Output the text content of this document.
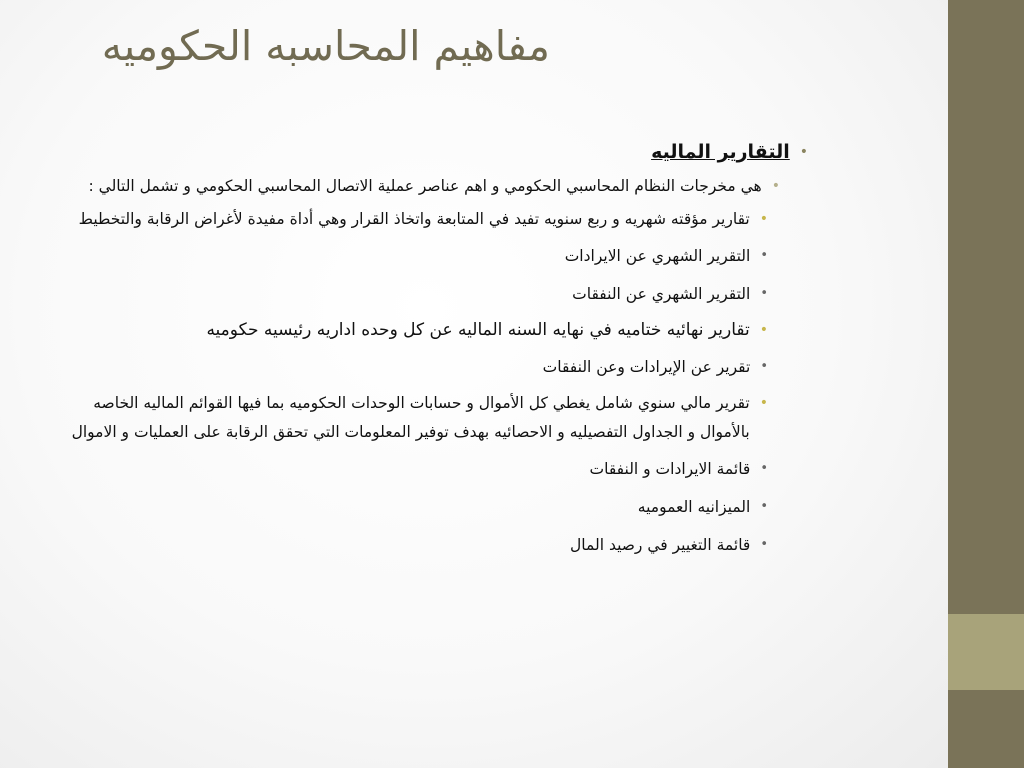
مفاهيم المحاسبه الحكوميه
•
التقارير الماليه
•
هي مخرجات النظام المحاسبي الحكومي و اهم عناصر عملية الاتصال المحاسبي الحكومي و تشمل التالي :
•
تقارير مؤقته شهريه و ربع سنويه تفيد في المتابعة واتخاذ القرار وهي أداة مفيدة لأغراض الرقابة والتخطيط
•
التقرير الشهري عن الايرادات
•
التقرير الشهري عن النفقات
•
تقارير نهائيه ختاميه في نهايه السنه الماليه عن كل وحده اداريه رئيسيه حكوميه
•
تقرير عن الإيرادات وعن النفقات
•
تقرير مالي سنوي شامل يغطي كل الأموال و حسابات الوحدات الحكوميه بما فيها القوائم الماليه الخاصه بالأموال و الجداول التفصيليه و الاحصائيه بهدف توفير المعلومات التي تحقق الرقابة على العمليات و الاموال
•
قائمة الايرادات و النفقات
•
الميزانيه العموميه
•
قائمة التغيير في رصيد المال
